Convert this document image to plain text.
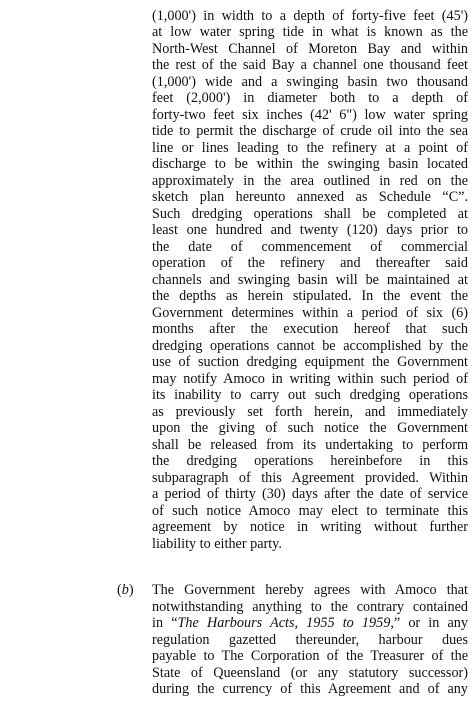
(1,000') in width to a depth of forty-five feet (45')
at low water spring tide in what is known as the
North-West Channel of Moreton Bay and within
the rest of the said Bay a channel one thousand feet
(1,000') wide and a swinging basin two thousand
feet (2,000') in diameter both to a depth of
forty-two feet six inches (42' 6") low water spring
tide to permit the discharge of crude oil into the sea
line or lines leading to the refinery at a point of
discharge to be within the swinging basin located
approximately in the area outlined in red on the
sketch plan hereunto annexed as Schedule “C”.
Such dredging operations shall be completed at
least one hundred and twenty (120) days prior to
the date of commencement of commercial
operation of the refinery and thereafter said
channels and swinging basin will be maintained at
the depths as herein stipulated. In the event the
Government determines within a period of six (6)
months after the execution hereof that such
dredging operations cannot be accomplished by the
use of suction dredging equipment the Government
may notify Amoco in writing within such period of
its inability to carry out such dredging operations
as previously set forth herein, and immediately
upon the giving of such notice the Government
shall be released from its undertaking to perform
the dredging operations hereinbefore in this
subparagraph of this Agreement provided. Within
a period of thirty (30) days after the date of service
of such notice Amoco may elect to terminate this
agreement by notice in writing without further
liability to either party.
(b) The Government hereby agrees with Amoco that
notwithstanding anything to the contrary contained
in “The Harbours Acts, 1955 to 1959,” or in any
regulation gazetted thereunder, harbour dues
payable to The Corporation of the Treasurer of the
State of Queensland (or any statutory successor)
during the currency of this Agreement and of any
